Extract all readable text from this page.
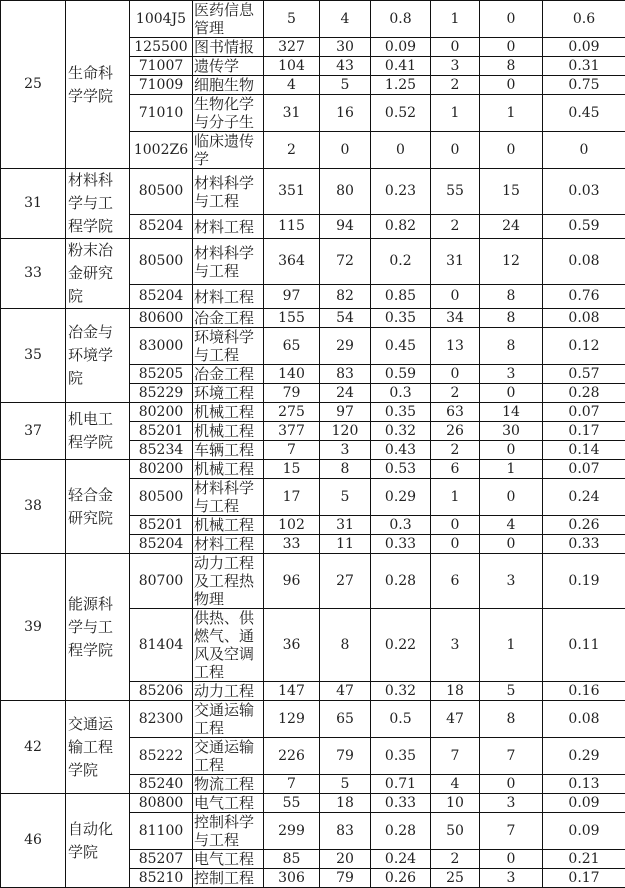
25	生命科学学院	1004J5	医药信息管理	5	4	0.8	1	0	0.6
		125500	图书情报	327	30	0.09	0	0	0.09
		71007	遗传学	104	43	0.41	3	8	0.31
		71009	细胞生物	4	5	1.25	2	0	0.75
		71010	生物化学与分子生	31	16	0.52	1	1	0.45
		1002Z6	临床遗传学	2	0	0	0	0	0
31	材料科学与工程学院	80500	材料科学与工程	351	80	0.23	55	15	0.03
		85204	材料工程	115	94	0.82	2	24	0.59
33	粉末冶金研究院	80500	材料科学与工程	364	72	0.2	31	12	0.08
		85204	材料工程	97	82	0.85	0	8	0.76
35	冶金与环境学院	80600	冶金工程	155	54	0.35	34	8	0.08
		83000	环境科学与工程	65	29	0.45	13	8	0.12
		85205	冶金工程	140	83	0.59	0	3	0.57
		85229	环境工程	79	24	0.3	2	0	0.28
37	机电工程学院	80200	机械工程	275	97	0.35	63	14	0.07
		85201	机械工程	377	120	0.32	26	30	0.17
		85234	车辆工程	7	3	0.43	2	0	0.14
38	轻合金研究院	80200	机械工程	15	8	0.53	6	1	0.07
		80500	材料科学与工程	17	5	0.29	1	0	0.24
		85201	机械工程	102	31	0.3	0	4	0.26
		85204	材料工程	33	11	0.33	0	0	0.33
39	能源科学与工程学院	80700	动力工程及工程热物理	96	27	0.28	6	3	0.19
		81404	供热、供燃气、通风及空调工程	36	8	0.22	3	1	0.11
		85206	动力工程	147	47	0.32	18	5	0.16
42	交通运输工程学院	82300	交通运输工程	129	65	0.5	47	8	0.08
		85222	交通运输工程	226	79	0.35	7	7	0.29
		85240	物流工程	7	5	0.71	4	0	0.13
46	自动化学院	80800	电气工程	55	18	0.33	10	3	0.09
		81100	控制科学与工程	299	83	0.28	50	7	0.09
		85207	电气工程	85	20	0.24	2	0	0.21
		85210	控制工程	306	79	0.26	25	3	0.17
